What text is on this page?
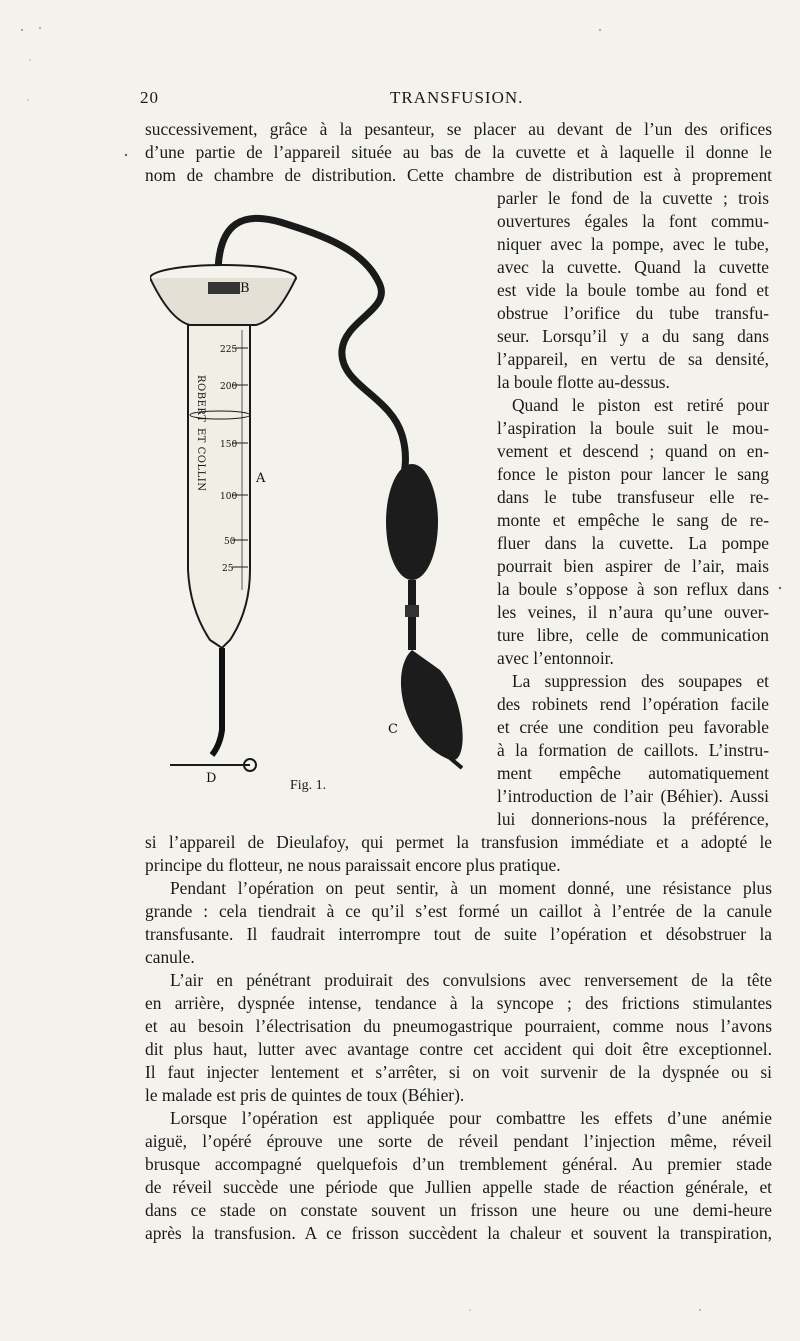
20	TRANSFUSION.
successivement, grâce à la pesanteur, se placer au devant de l’un des orifices
d’une partie de l’appareil située au bas de la cuvette et à laquelle il donne le
nom de chambre de distribution. Cette chambre de distribution est à proprement
parler le fond de la cuvette ; trois
ouvertures égales la font commu-
niquer avec la pompe, avec le tube,
avec la cuvette. Quand la cuvette
est vide la boule tombe au fond et
obstrue l’orifice du tube transfu-
seur. Lorsqu’il y a du sang dans
l’appareil, en vertu de sa densité,
la boule flotte au-dessus.
Quand le piston est retiré pour
l’aspiration la boule suit le mou-
vement et descend ; quand on en-
fonce le piston pour lancer le sang
dans le tube transfuseur elle re-
monte et empêche le sang de re-
fluer dans la cuvette. La pompe
pourrait bien aspirer de l’air, mais
la boule s’oppose à son reflux dans
les veines, il n’aura qu’une ouver-
ture libre, celle de communication
avec l’entonnoir.
La suppression des soupapes et
des robinets rend l’opération facile
et crée une condition peu favorable
à la formation de caillots. L’instru-
ment empêche automatiquement
l’introduction de l’air (Béhier). Aussi
lui donnerions-nous la préférence,
B
225
200
150
100
50
25
ROBERT
ET COLLIN	A
D
C
Fig. 1.
si l’appareil de Dieulafoy, qui permet la transfusion immédiate et a adopté le
principe du flotteur, ne nous paraissait encore plus pratique.
Pendant l’opération on peut sentir, à un moment donné, une résistance plus
grande : cela tiendrait à ce qu’il s’est formé un caillot à l’entrée de la canule
transfusante. Il faudrait interrompre tout de suite l’opération et désobstruer la
canule.
L’air en pénétrant produirait des convulsions avec renversement de la tête
en arrière, dyspnée intense, tendance à la syncope ; des frictions stimulantes
et au besoin l’électrisation du pneumogastrique pourraient, comme nous l’avons
dit plus haut, lutter avec avantage contre cet accident qui doit être exceptionnel.
Il faut injecter lentement et s’arrêter, si on voit survenir de la dyspnée ou si
le malade est pris de quintes de toux (Béhier).
Lorsque l’opération est appliquée pour combattre les effets d’une anémie
aiguë, l’opéré éprouve une sorte de réveil pendant l’injection même, réveil
brusque accompagné quelquefois d’un tremblement général. Au premier stade
de réveil succède une période que Jullien appelle stade de réaction générale, et
dans ce stade on constate souvent un frisson une heure ou une demi-heure
après la transfusion. A ce frisson succèdent la chaleur et souvent la transpiration,
